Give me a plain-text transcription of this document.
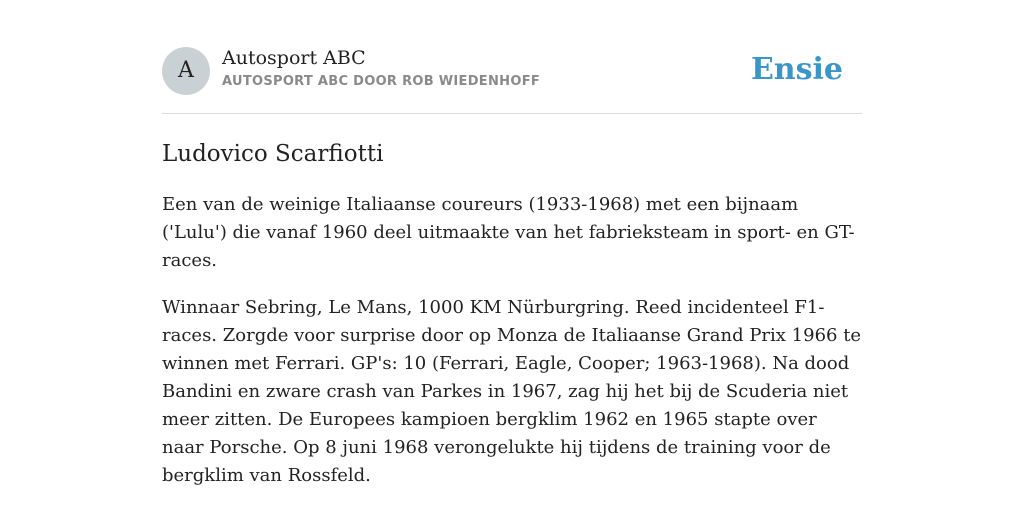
A	Autosport ABC
AUTOSPORT ABC DOOR ROB WIEDENHOFF	Ensie
Ludovico Scarfiotti

Een van de weinige Italiaanse coureurs (1933-1968) met een bijnaam ('Lulu') die vanaf 1960 deel uitmaakte van het fabrieksteam in sport- en GT-races.

Winnaar Sebring, Le Mans, 1000 KM Nürburgring. Reed incidenteel F1-races. Zorgde voor surprise door op Monza de Italiaanse Grand Prix 1966 te winnen met Ferrari. GP's: 10 (Ferrari, Eagle, Cooper; 1963-1968). Na dood Bandini en zware crash van Parkes in 1967, zag hij het bij de Scuderia niet meer zitten. De Europees kampioen bergklim 1962 en 1965 stapte over naar Porsche. Op 8 juni 1968 verongelukte hij tijdens de training voor de bergklim van Rossfeld.
